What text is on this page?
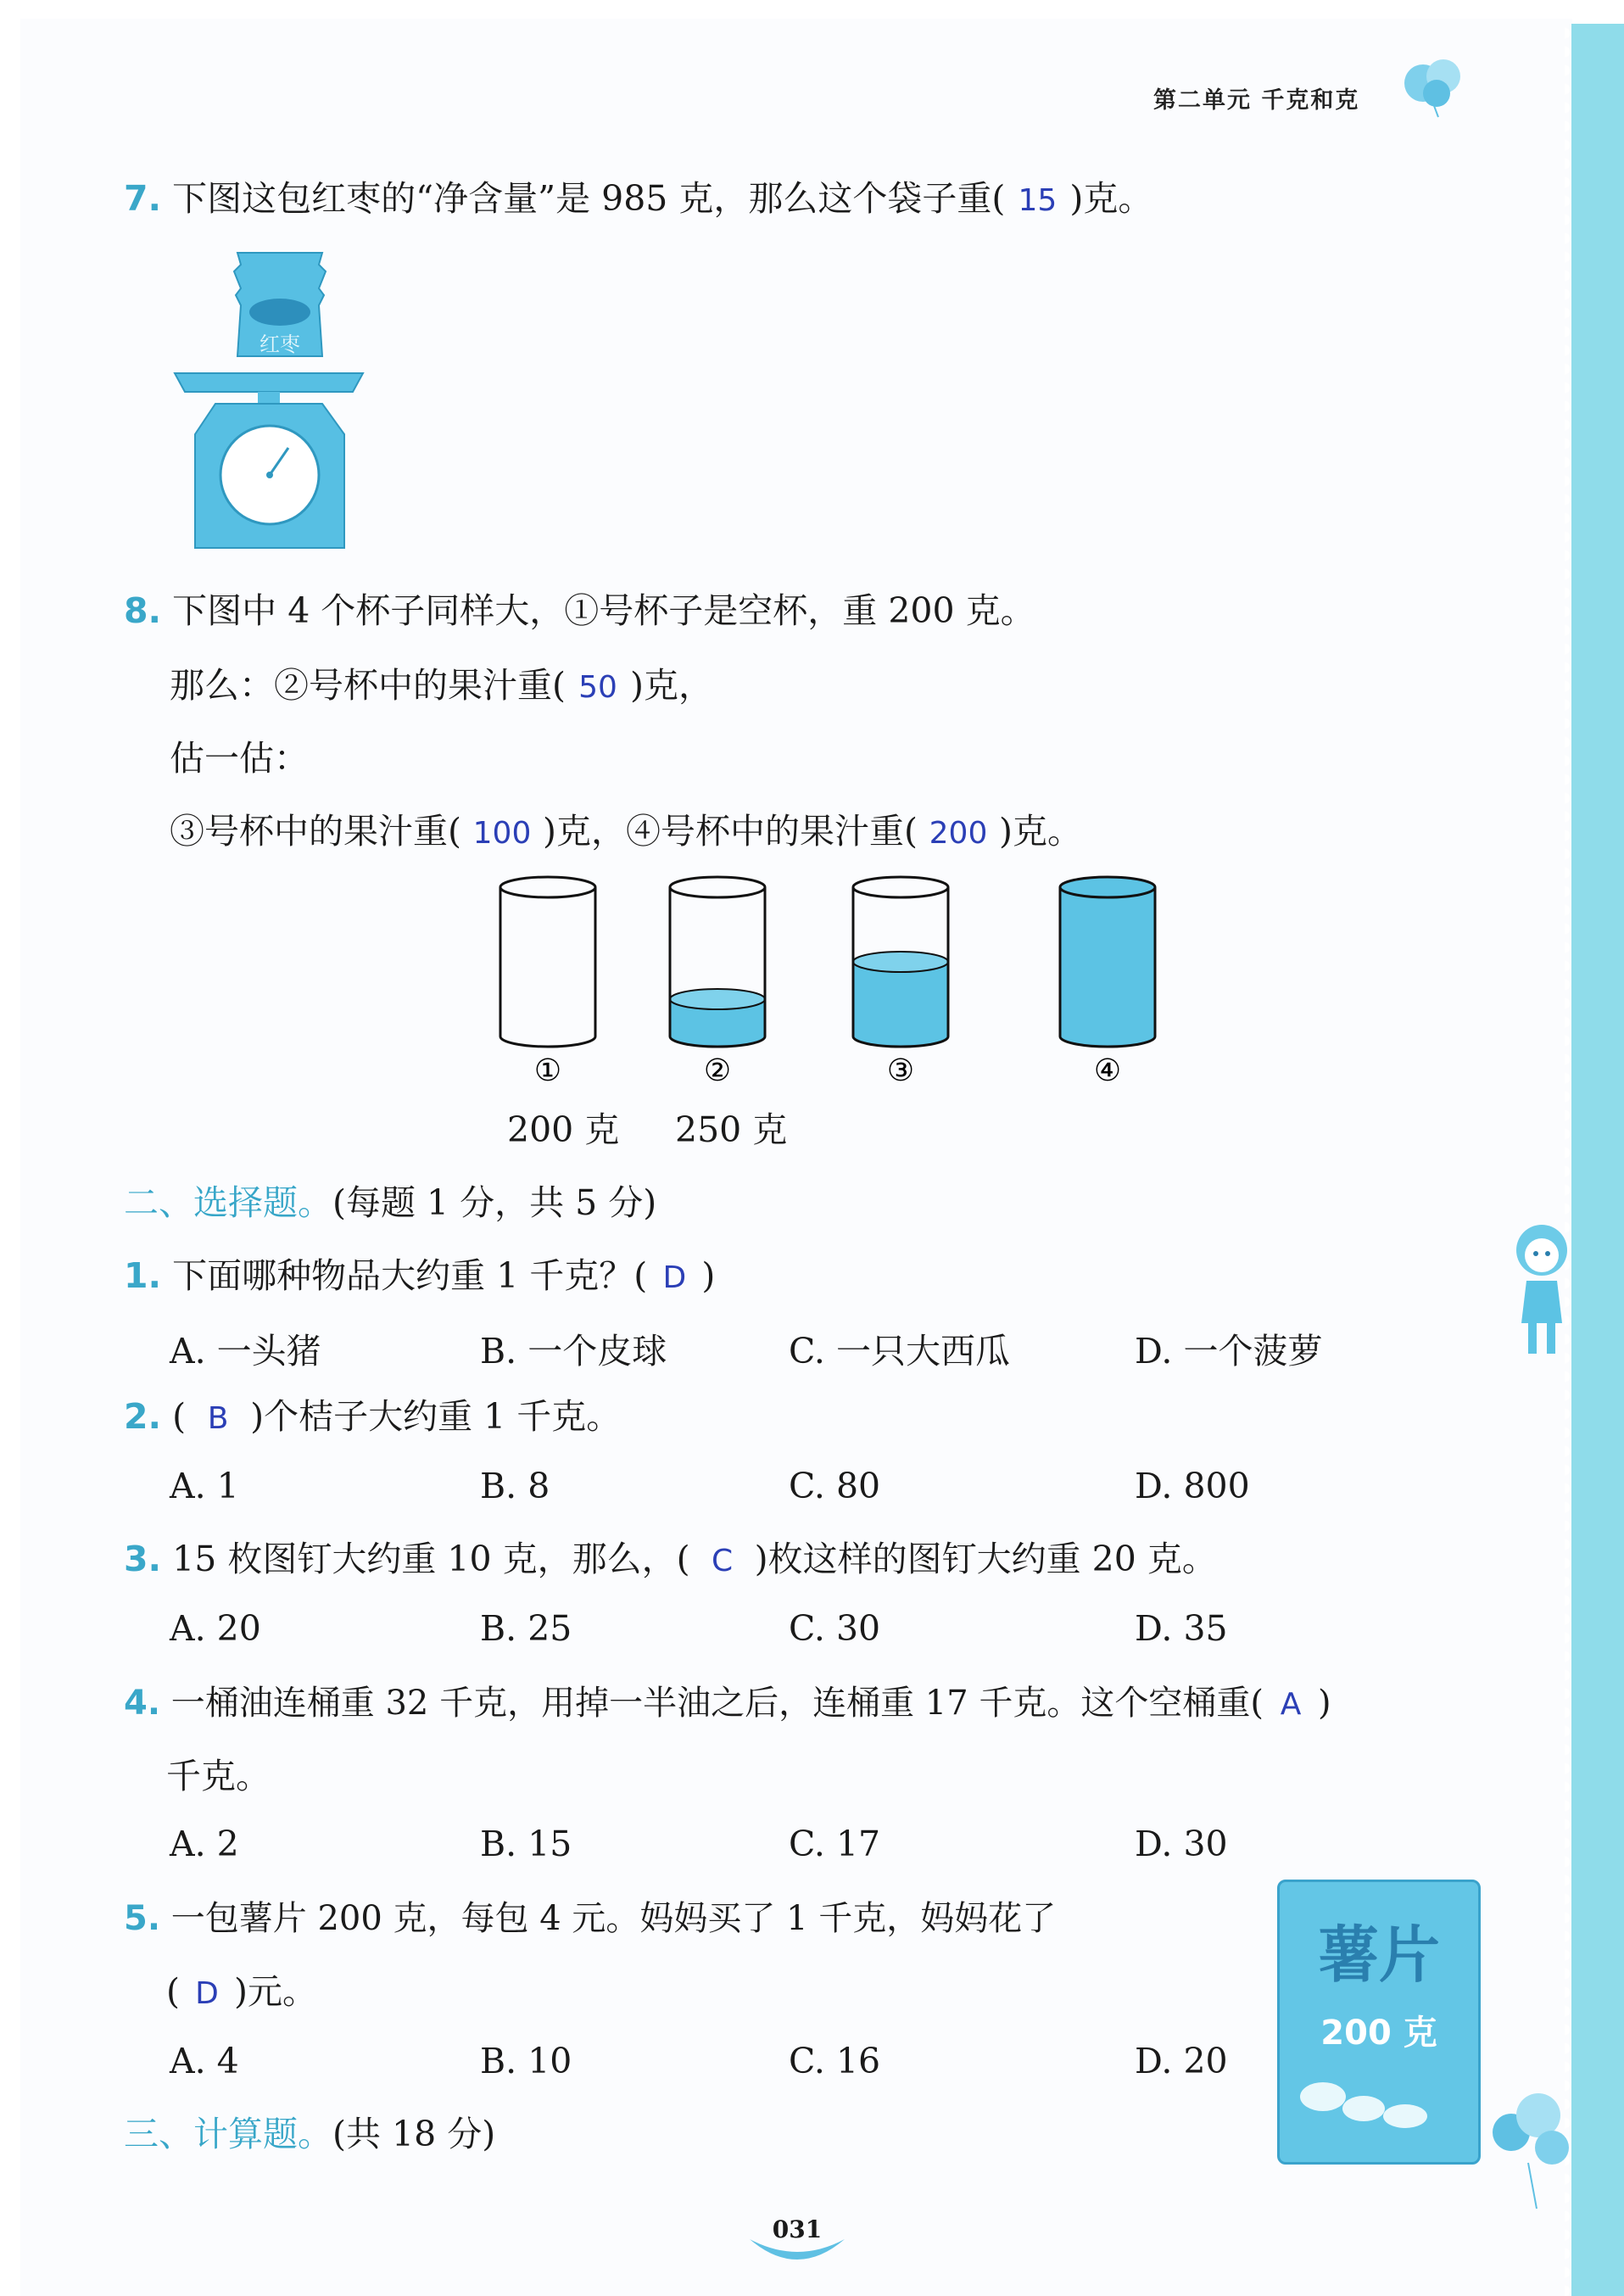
第二单元 千克和克
7. 下图这包红枣的“净含量”是 985 克，那么这个袋子重( 15 )克。
红枣
8. 下图中 4 个杯子同样大，①号杯子是空杯，重 200 克。
那么：②号杯中的果汁重( 50 )克，
估一估：
③号杯中的果汁重( 100 )克，④号杯中的果汁重( 200 )克。
①	②	③	④
200 克 250 克
二、选择题。(每题 1 分，共 5 分)
1. 下面哪种物品大约重 1 千克？( D )
A. 一头猪	B. 一个皮球	C. 一只大西瓜	D. 一个菠萝
2. ( B )个桔子大约重 1 千克。
A. 1	B. 8	C. 80	D. 800
3. 15 枚图钉大约重 10 克，那么，( C )枚这样的图钉大约重 20 克。
A. 20	B. 25	C. 30	D. 35
4. 一桶油连桶重 32 千克，用掉一半油之后，连桶重 17 千克。这个空桶重( A )
千克。
A. 2	B. 15	C. 17	D. 30
5. 一包薯片 200 克，每包 4 元。妈妈买了 1 千克，妈妈花了
( D )元。
A. 4	B. 10	C. 16	D. 20
薯片
200 克
三、计算题。(共 18 分)
031
